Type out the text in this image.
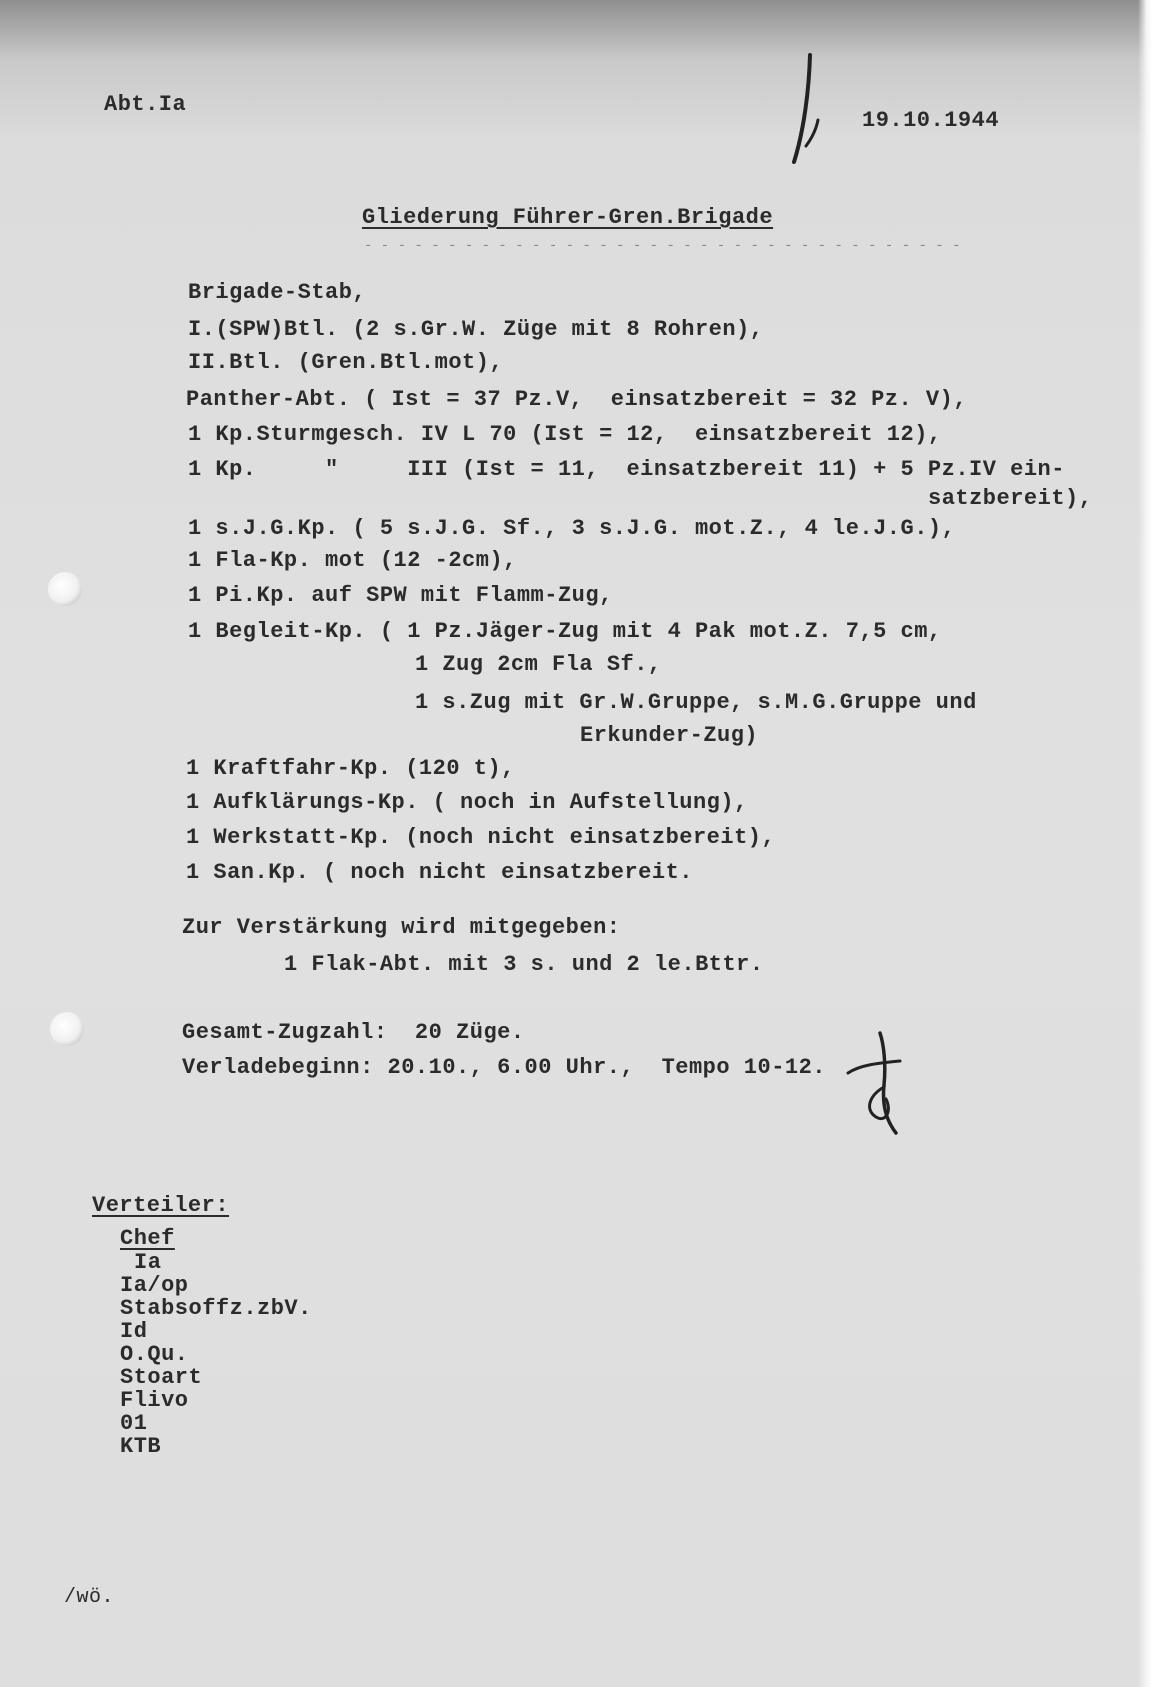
Abt.Ia
19.10.1944
Gliederung Führer-Gren.Brigade
- - - - - - - - - - - - - - - - - - - - - - - - - - - - - - - - - - - -
Brigade-Stab,
I.(SPW)Btl. (2 s.Gr.W. Züge mit 8 Rohren),
II.Btl. (Gren.Btl.mot),
Panther-Abt. ( Ist = 37 Pz.V,  einsatzbereit = 32 Pz. V),
1 Kp.Sturmgesch. IV L 70 (Ist = 12,  einsatzbereit 12),
1 Kp.     "     III (Ist = 11,  einsatzbereit 11) + 5 Pz.IV ein-
satzbereit),
1 s.J.G.Kp. ( 5 s.J.G. Sf., 3 s.J.G. mot.Z., 4 le.J.G.),
1 Fla-Kp. mot (12 -2cm),
1 Pi.Kp. auf SPW mit Flamm-Zug,
1 Begleit-Kp. ( 1 Pz.Jäger-Zug mit 4 Pak mot.Z. 7,5 cm,
1 Zug 2cm Fla Sf.,
1 s.Zug mit Gr.W.Gruppe, s.M.G.Gruppe und
Erkunder-Zug)
1 Kraftfahr-Kp. (120 t),
1 Aufklärungs-Kp. ( noch in Aufstellung),
1 Werkstatt-Kp. (noch nicht einsatzbereit),
1 San.Kp. ( noch nicht einsatzbereit.
Zur Verstärkung wird mitgegeben:
1 Flak-Abt. mit 3 s. und 2 le.Bttr.
Gesamt-Zugzahl:  20 Züge.
Verladebeginn: 20.10., 6.00 Uhr.,  Tempo 10-12.
Verteiler:
Chef
Ia
Ia/op
Stabsoffz.zbV.
Id
O.Qu.
Stoart
Flivo
01
KTB
/wö.
